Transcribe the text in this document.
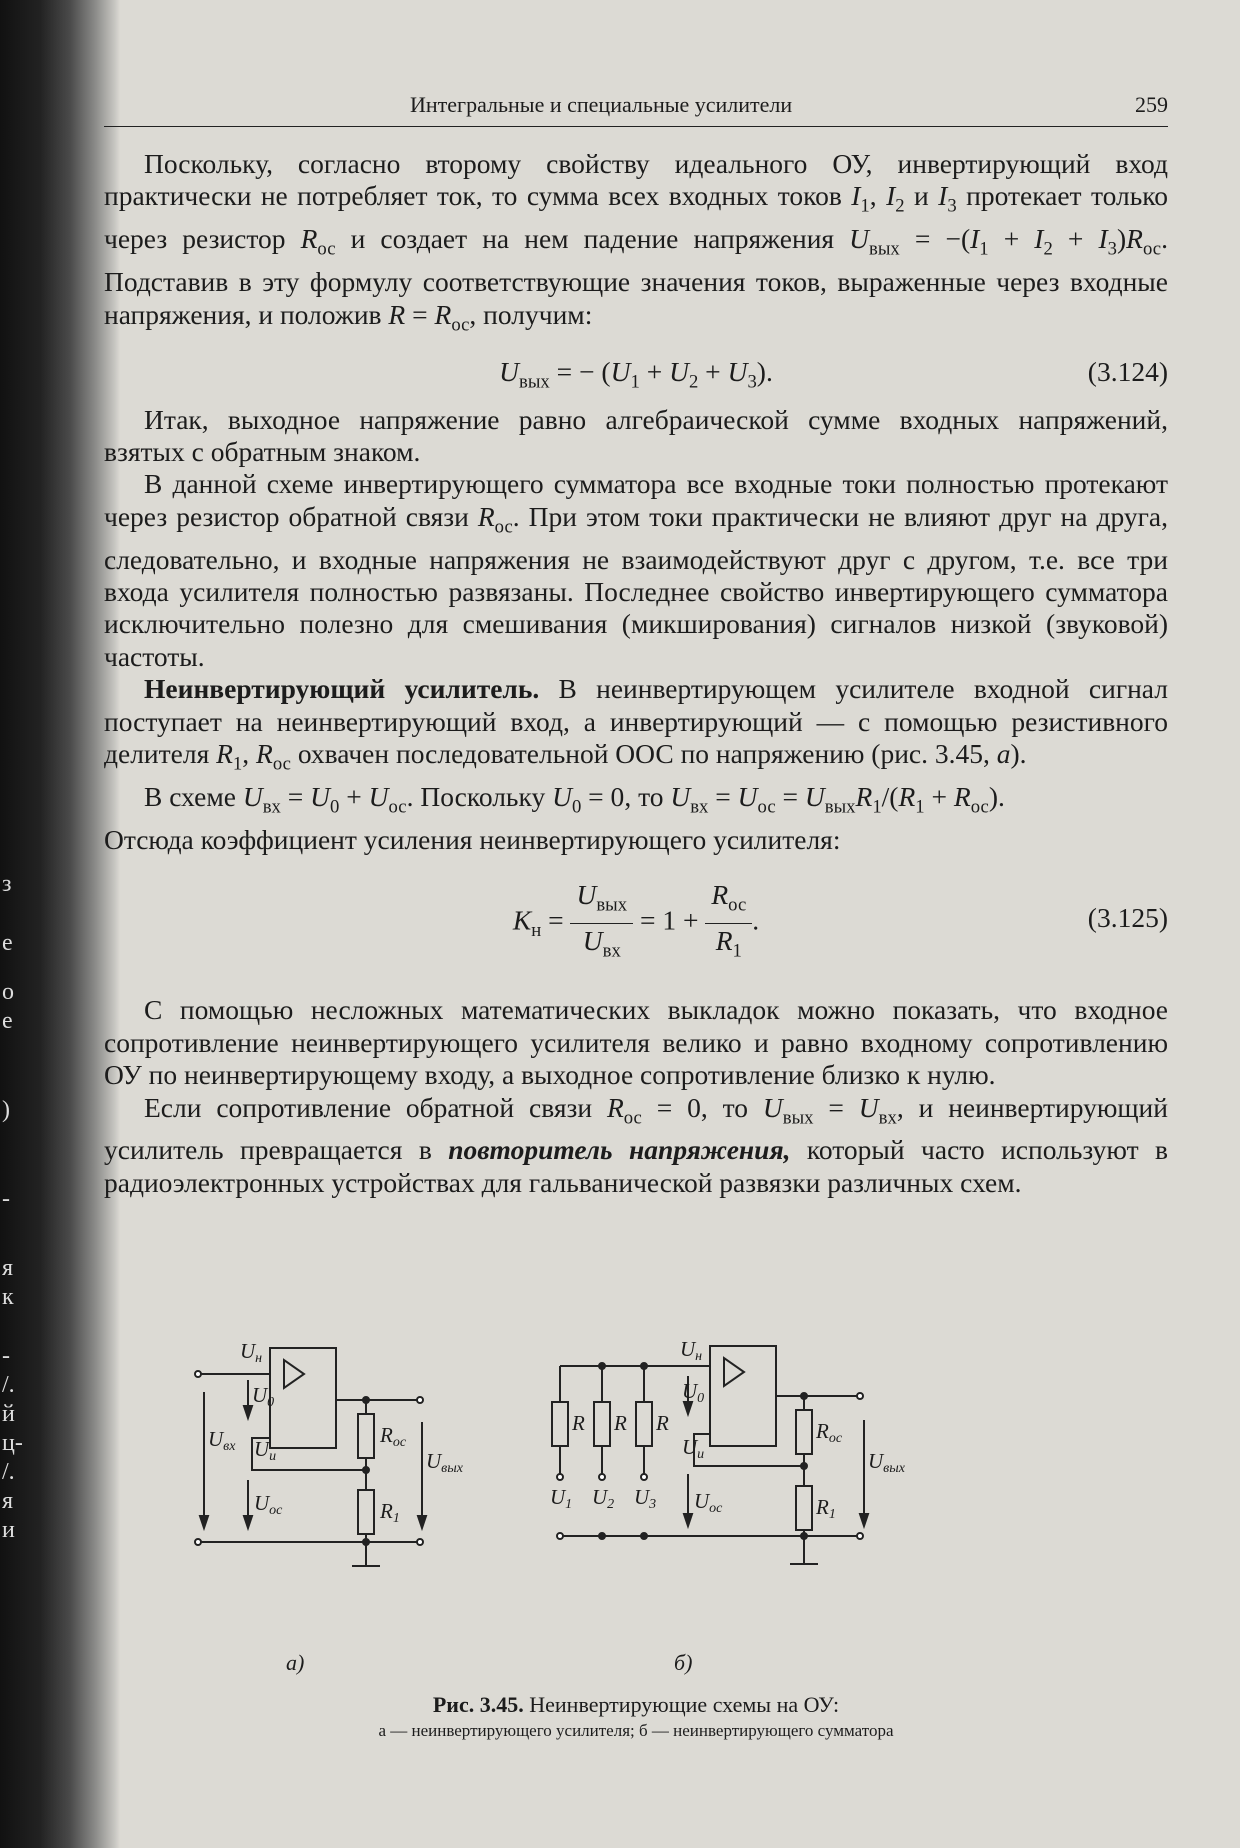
Интегральные и специальные усилители	259

Поскольку, согласно второму свойству идеального ОУ, инвертирующий вход практически не потребляет ток, то сумма всех входных токов $I_1$, $I_2$ и $I_3$ протекает только через резистор $R_{ос}$ и создает на нем падение напряжения $U_{вых} = -(I_1 + I_2 + I_3)R_{ос}$. Подставив в эту формулу соответствующие значения токов, выраженные через входные напряжения, и положив $R = R_{ос}$, получим:

$U_{вых}$ = − $(U_1 + U_2 + U_3)$.	(3.124)

Итак, выходное напряжение равно алгебраической сумме входных напряжений, взятых с обратным знаком.

В данной схеме инвертирующего сумматора все входные токи полностью протекают через резистор обратной связи $R_{ос}$. При этом токи практически не влияют друг на друга, следовательно, и входные напряжения не взаимодействуют друг с другом, т.е. все три входа усилителя полностью развязаны. Последнее свойство инвертирующего сумматора исключительно полезно для смешивания (микширования) сигналов низкой (звуковой) частоты.

Неинвертирующий усилитель. В неинвертирующем усилителе входной сигнал поступает на неинвертирующий вход, а инвертирующий — с помощью резистивного делителя $R_1$, $R_{ос}$ охвачен последовательной ООС по напряжению (рис. 3.45, а).

В схеме $U_{вх} = U_0 + U_{ос}$. Поскольку $U_0 = 0$, то $U_{вх} = U_{ос} = U_{вых}R_1/(R_1 + R_{ос})$.

Отсюда коэффициент усиления неинвертирующего усилителя:

$K_н = \frac{U_{вых}}{U_{вх}} = 1 + \frac{R_{ос}}{R_1}$ .	(3.125)

С помощью несложных математических выкладок можно показать, что входное сопротивление неинвертирующего усилителя велико и равно входному сопротивлению ОУ по неинвертирующему входу, а выходное сопротивление близко к нулю.

Если сопротивление обратной связи $R_{ос} = 0$, то $U_{вых} = U_{вх}$, и неинвертирующий усилитель превращается в повторитель напряжения, который часто используют в радиоэлектронных устройствах для гальванической развязки различных схем.

Uн
U0
Uвх Uи
Uос
Rос
R1
Uвых
Uн
U0
Uи
Uос
R R R
U1 U2 U3
Rос
R1
Uвых
а)	б)
Рис. 3.45. Неинвертирующие схемы на ОУ:
а — неинвертирующего усилителя; б — неинвертирующего сумматора
з
е
о
е
)
-
я
к
-
/.
й
ц-
/.
я
и
